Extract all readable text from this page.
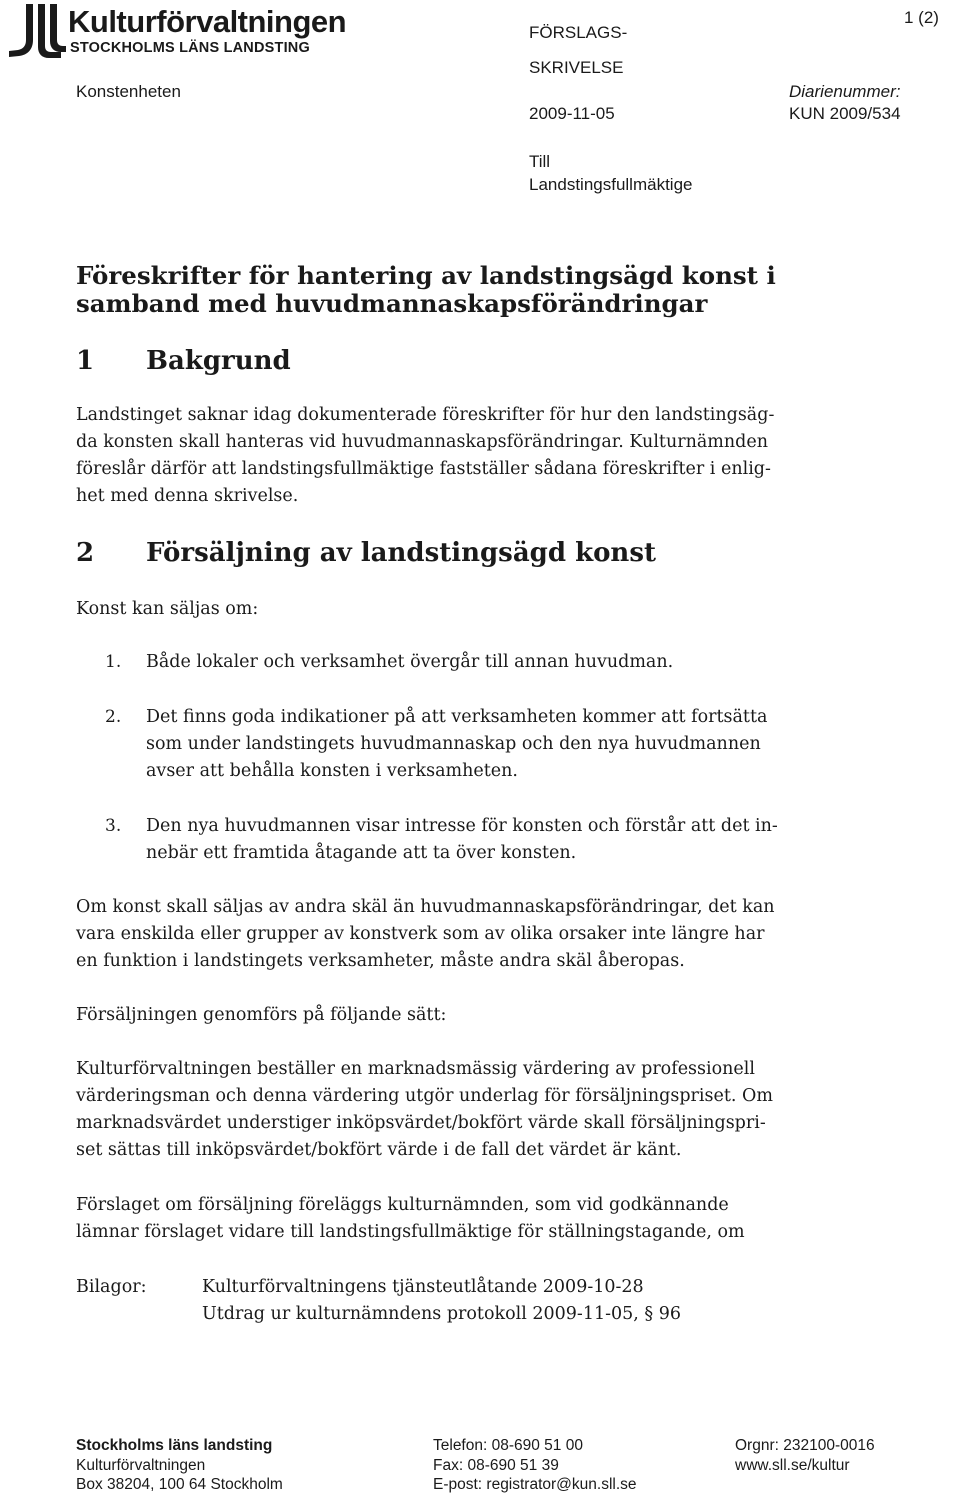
Kulturförvaltningen
STOCKHOLMS LÄNS LANDSTING
1 (2)
FÖRSLAGS-
SKRIVELSE
Konstenheten	Diarienummer:
2009-11-05	KUN 2009/534
Till
Landstingsfullmäktige
Föreskrifter för hantering av landstingsägd konst i
samband med huvudmannaskapsförändringar
1 Bakgrund
Landstinget saknar idag dokumenterade föreskrifter för hur den landstingsäg-
da konsten skall hanteras vid huvudmannaskapsförändringar. Kulturnämnden
föreslår därför att landstingsfullmäktige fastställer sådana föreskrifter i enlig-
het med denna skrivelse.
2 Försäljning av landstingsägd konst
Konst kan säljas om:
1.	Både lokaler och verksamhet övergår till annan huvudman.
2.	Det finns goda indikationer på att verksamheten kommer att fortsätta
som under landstingets huvudmannaskap och den nya huvudmannen
avser att behålla konsten i verksamheten.
3.	Den nya huvudmannen visar intresse för konsten och förstår att det in-
nebär ett framtida åtagande att ta över konsten.
Om konst skall säljas av andra skäl än huvudmannaskapsförändringar, det kan
vara enskilda eller grupper av konstverk som av olika orsaker inte längre har
en funktion i landstingets verksamheter, måste andra skäl åberopas.
Försäljningen genomförs på följande sätt:
Kulturförvaltningen beställer en marknadsmässig värdering av professionell
värderingsman och denna värdering utgör underlag för försäljningspriset. Om
marknadsvärdet understiger inköpsvärdet/bokfört värde skall försäljningspri-
set sättas till inköpsvärdet/bokfört värde i de fall det värdet är känt.
Förslaget om försäljning föreläggs kulturnämnden, som vid godkännande
lämnar förslaget vidare till landstingsfullmäktige för ställningstagande, om
Bilagor:	Kulturförvaltningens tjänsteutlåtande 2009-10-28
Utdrag ur kulturnämndens protokoll 2009-11-05, § 96
Stockholms läns landsting
Kulturförvaltningen
Box 38204, 100 64 Stockholm
Telefon: 08-690 51 00
Fax: 08-690 51 39
E-post: registrator@kun.sll.se
Orgnr: 232100-0016
www.sll.se/kultur
